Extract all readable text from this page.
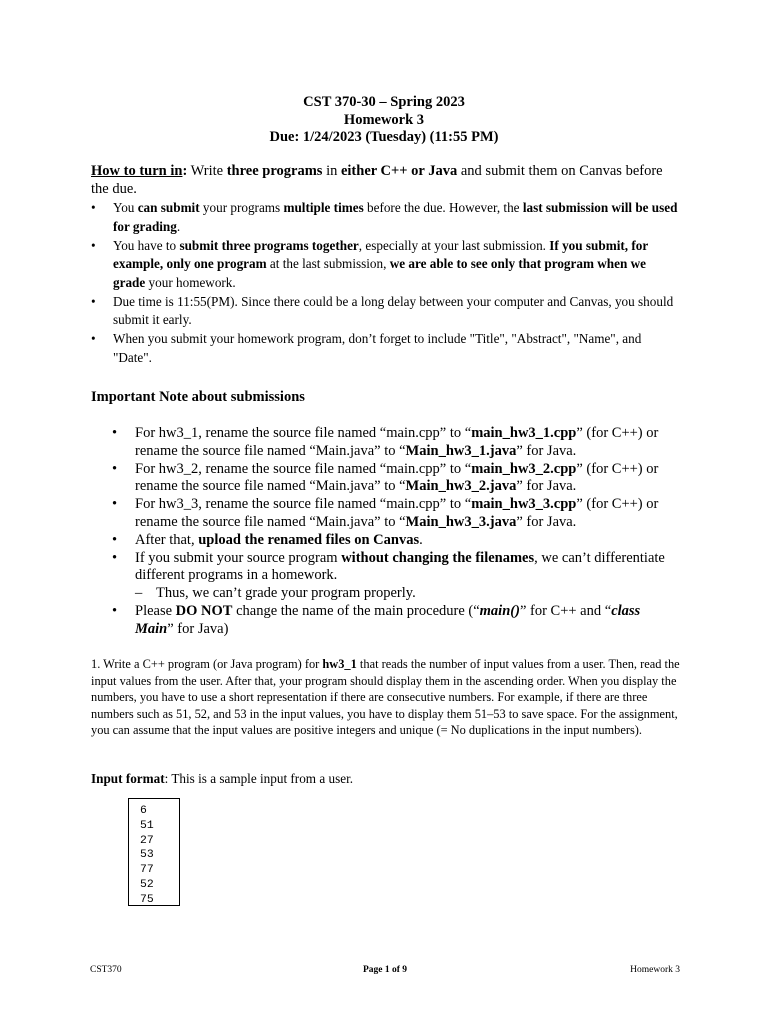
CST 370-30 – Spring 2023
Homework 3
Due: 1/24/2023 (Tuesday) (11:55 PM)
How to turn in: Write three programs in either C++ or Java and submit them on Canvas before the due.
• You can submit your programs multiple times before the due. However, the last submission will be used for grading.
• You have to submit three programs together, especially at your last submission. If you submit, for example, only one program at the last submission, we are able to see only that program when we grade your homework.
• Due time is 11:55(PM). Since there could be a long delay between your computer and Canvas, you should submit it early.
• When you submit your homework program, don’t forget to include "Title", "Abstract", "Name", and "Date".
Important Note about submissions
• For hw3_1, rename the source file named “main.cpp” to “main_hw3_1.cpp” (for C++) or rename the source file named “Main.java” to “Main_hw3_1.java” for Java.
• For hw3_2, rename the source file named “main.cpp” to “main_hw3_2.cpp” (for C++) or rename the source file named “Main.java” to “Main_hw3_2.java” for Java.
• For hw3_3, rename the source file named “main.cpp” to “main_hw3_3.cpp” (for C++) or rename the source file named “Main.java” to “Main_hw3_3.java” for Java.
• After that, upload the renamed files on Canvas.
• If you submit your source program without changing the filenames, we can’t differentiate different programs in a homework.
– Thus, we can’t grade your program properly.
• Please DO NOT change the name of the main procedure (“main()” for C++ and “class Main” for Java)
1. Write a C++ program (or Java program) for hw3_1 that reads the number of input values from a user. Then, read the input values from the user. After that, your program should display them in the ascending order. When you display the numbers, you have to use a short representation if there are consecutive numbers. For example, if there are three numbers such as 51, 52, and 53 in the input values, you have to display them 51–53 to save space. For the assignment, you can assume that the input values are positive integers and unique (= No duplications in the input numbers).
Input format: This is a sample input from a user.
6
51
27
53
77
52
75
CST370	Page 1 of 9	Homework 3
